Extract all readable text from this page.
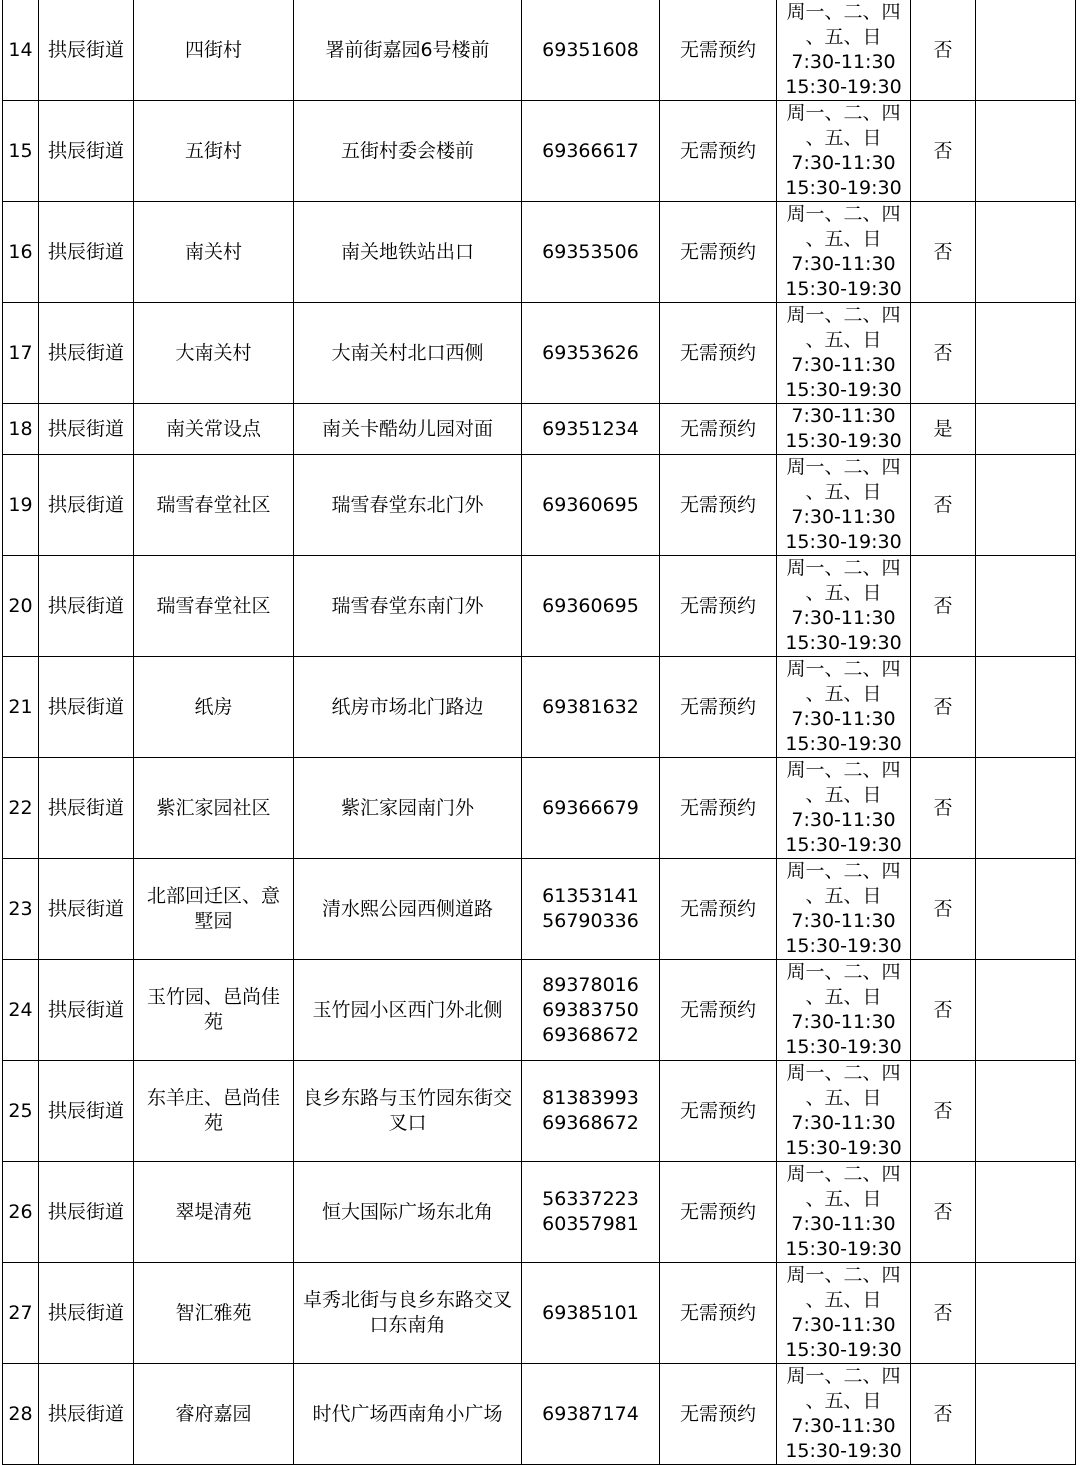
14	拱辰街道	四街村	署前街嘉园6号楼前	69351608	无需预约	周一、二、四
、五、日
7:30-11:30
15:30-19:30	否	
15	拱辰街道	五街村	五街村委会楼前	69366617	无需预约	周一、二、四
、五、日
7:30-11:30
15:30-19:30	否	
16	拱辰街道	南关村	南关地铁站出口	69353506	无需预约	周一、二、四
、五、日
7:30-11:30
15:30-19:30	否	
17	拱辰街道	大南关村	大南关村北口西侧	69353626	无需预约	周一、二、四
、五、日
7:30-11:30
15:30-19:30	否	
18	拱辰街道	南关常设点	南关卡酷幼儿园对面	69351234	无需预约	7:30-11:30
15:30-19:30	是	
19	拱辰街道	瑞雪春堂社区	瑞雪春堂东北门外	69360695	无需预约	周一、二、四
、五、日
7:30-11:30
15:30-19:30	否	
20	拱辰街道	瑞雪春堂社区	瑞雪春堂东南门外	69360695	无需预约	周一、二、四
、五、日
7:30-11:30
15:30-19:30	否	
21	拱辰街道	纸房	纸房市场北门路边	69381632	无需预约	周一、二、四
、五、日
7:30-11:30
15:30-19:30	否	
22	拱辰街道	紫汇家园社区	紫汇家园南门外	69366679	无需预约	周一、二、四
、五、日
7:30-11:30
15:30-19:30	否	
23	拱辰街道	北部回迁区、意墅园	清水熙公园西侧道路	61353141
56790336	无需预约	周一、二、四
、五、日
7:30-11:30
15:30-19:30	否	
24	拱辰街道	玉竹园、邑尚佳苑	玉竹园小区西门外北侧	89378016
69383750
69368672	无需预约	周一、二、四
、五、日
7:30-11:30
15:30-19:30	否	
25	拱辰街道	东羊庄、邑尚佳苑	良乡东路与玉竹园东街交叉口	81383993
69368672	无需预约	周一、二、四
、五、日
7:30-11:30
15:30-19:30	否	
26	拱辰街道	翠堤清苑	恒大国际广场东北角	56337223
60357981	无需预约	周一、二、四
、五、日
7:30-11:30
15:30-19:30	否	
27	拱辰街道	智汇雅苑	卓秀北街与良乡东路交叉口东南角	69385101	无需预约	周一、二、四
、五、日
7:30-11:30
15:30-19:30	否	
28	拱辰街道	睿府嘉园	时代广场西南角小广场	69387174	无需预约	周一、二、四
、五、日
7:30-11:30
15:30-19:30	否	
